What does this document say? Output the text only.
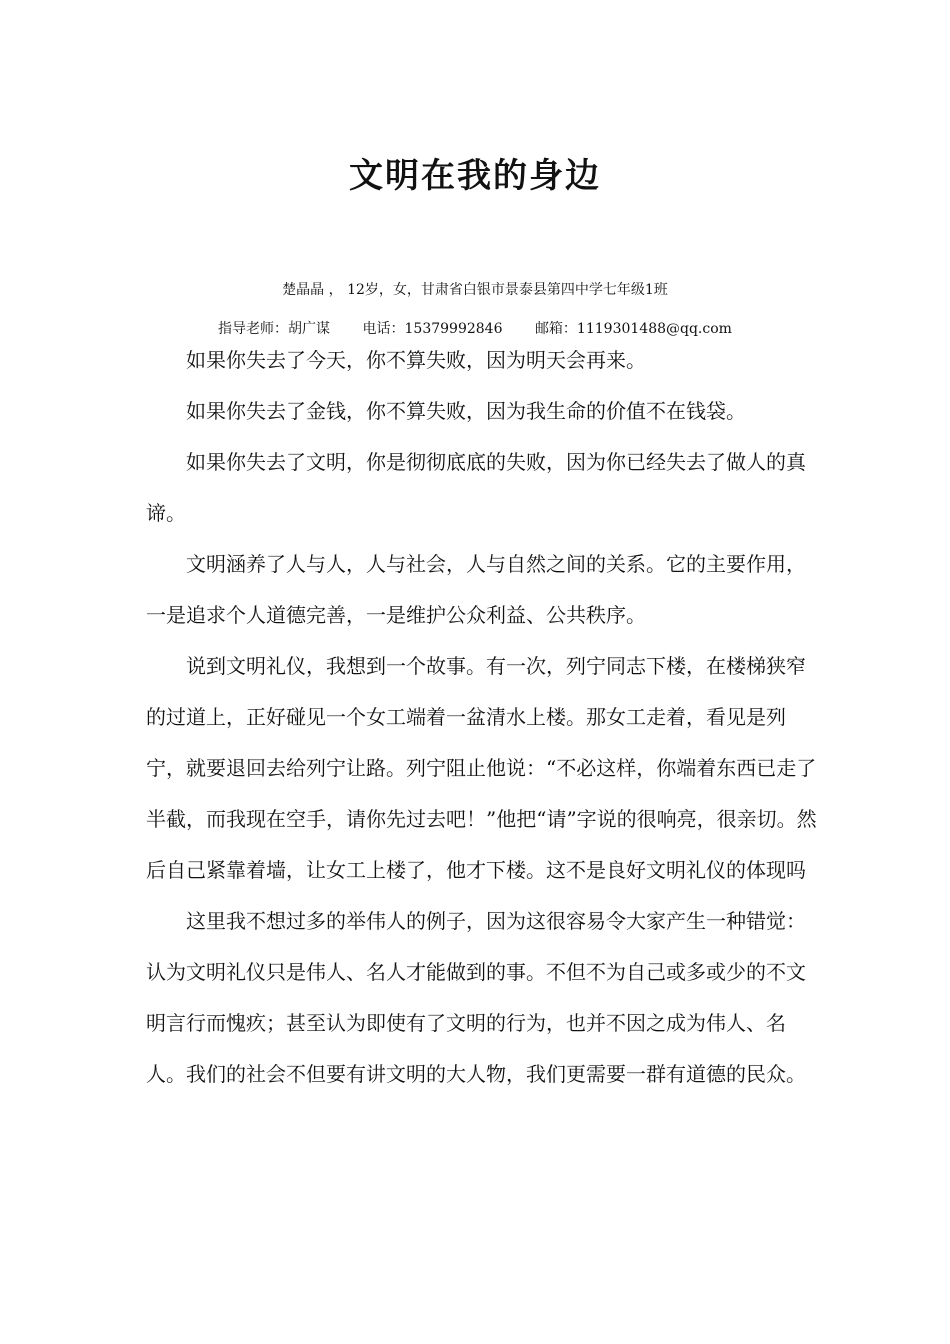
文明在我的身边

楚晶晶 ， 12岁，女，甘肃省白银市景泰县第四中学七年级1班

指导老师：胡广谋 电话：15379992846 邮箱：1119301488@qq.com

如果你失去了今天，你不算失败，因为明天会再来。

如果你失去了金钱，你不算失败，因为我生命的价值不在钱袋。

如果你失去了文明，你是彻彻底底的失败，因为你已经失去了做人的真谛。

文明涵养了人与人，人与社会，人与自然之间的关系。它的主要作用，一是追求个人道德完善，一是维护公众利益、公共秩序。

说到文明礼仪，我想到一个故事。有一次，列宁同志下楼，在楼梯狭窄的过道上，正好碰见一个女工端着一盆清水上楼。那女工走着，看见是列宁，就要退回去给列宁让路。列宁阻止他说：“不必这样，你端着东西已走了半截，而我现在空手，请你先过去吧！”他把“请”字说的很响亮，很亲切。然后自己紧靠着墙，让女工上楼了，他才下楼。这不是良好文明礼仪的体现吗

这里我不想过多的举伟人的例子，因为这很容易令大家产生一种错觉：认为文明礼仪只是伟人、名人才能做到的事。不但不为自己或多或少的不文明言行而愧疚；甚至认为即使有了文明的行为，也并不因之成为伟人、名人。我们的社会不但要有讲文明的大人物，我们更需要一群有道德的民众。
